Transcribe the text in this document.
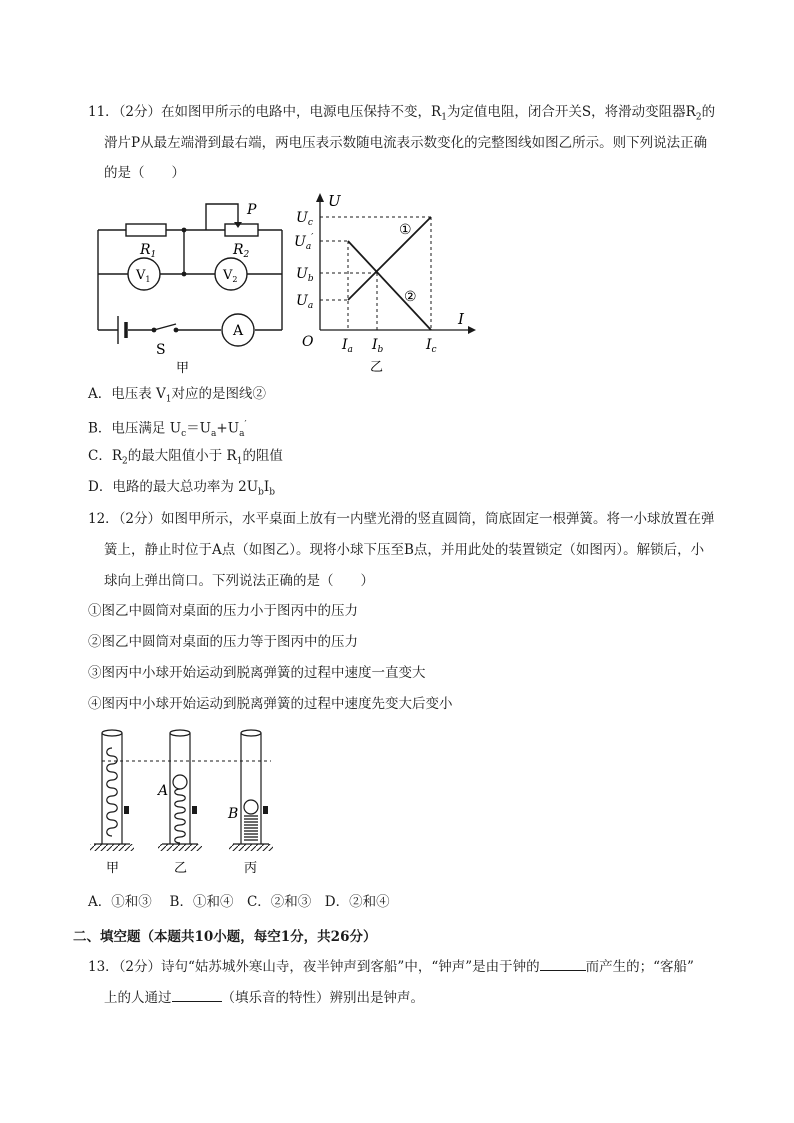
11．（2分）在如图甲所示的电路中，电源电压保持不变，$R_1$为定值电阻，闭合开关S，将滑动变阻器$R_2$的
滑片P从最左端滑到最右端，两电压表示数随电流表示数变化的完整图线如图乙所示。则下列说法正确
的是（　　）
$R_1$	$R_2$
P
$V_1$	$V_2$
A
S
甲
U
I
O
$U_c$
$U_a'$
$U_b$
$U_a$
$I_a$ $I_b$	$I_c$
①
②
乙
A．电压表 $V_1$对应的是图线②
B．电压满足 $U_c=U_a+U_a'$
C．$R_2$的最大阻值小于 $R_1$的阻值
D．电路的最大总功率为 $2U_bI_b$
12．（2分）如图甲所示，水平桌面上放有一内壁光滑的竖直圆筒，筒底固定一根弹簧。将一小球放置在弹
簧上，静止时位于A点（如图乙）。现将小球下压至B点，并用此处的装置锁定（如图丙）。解锁后，小
球向上弹出筒口。下列说法正确的是（　　）
①图乙中圆筒对桌面的压力小于图丙中的压力
②图乙中圆筒对桌面的压力等于图丙中的压力
③图丙中小球开始运动到脱离弹簧的过程中速度一直变大
④图丙中小球开始运动到脱离弹簧的过程中速度先变大后变小
A
B
甲	乙	丙
A．①和③　 B．①和④　C．②和③　D．②和④
二、填空题（本题共10小题，每空1分，共26分）
13．（2分）诗句“姑苏城外寒山寺，夜半钟声到客船”中，“钟声”是由于钟的	而产生的；“客船”
上的人通过	（填乐音的特性）辨别出是钟声。
